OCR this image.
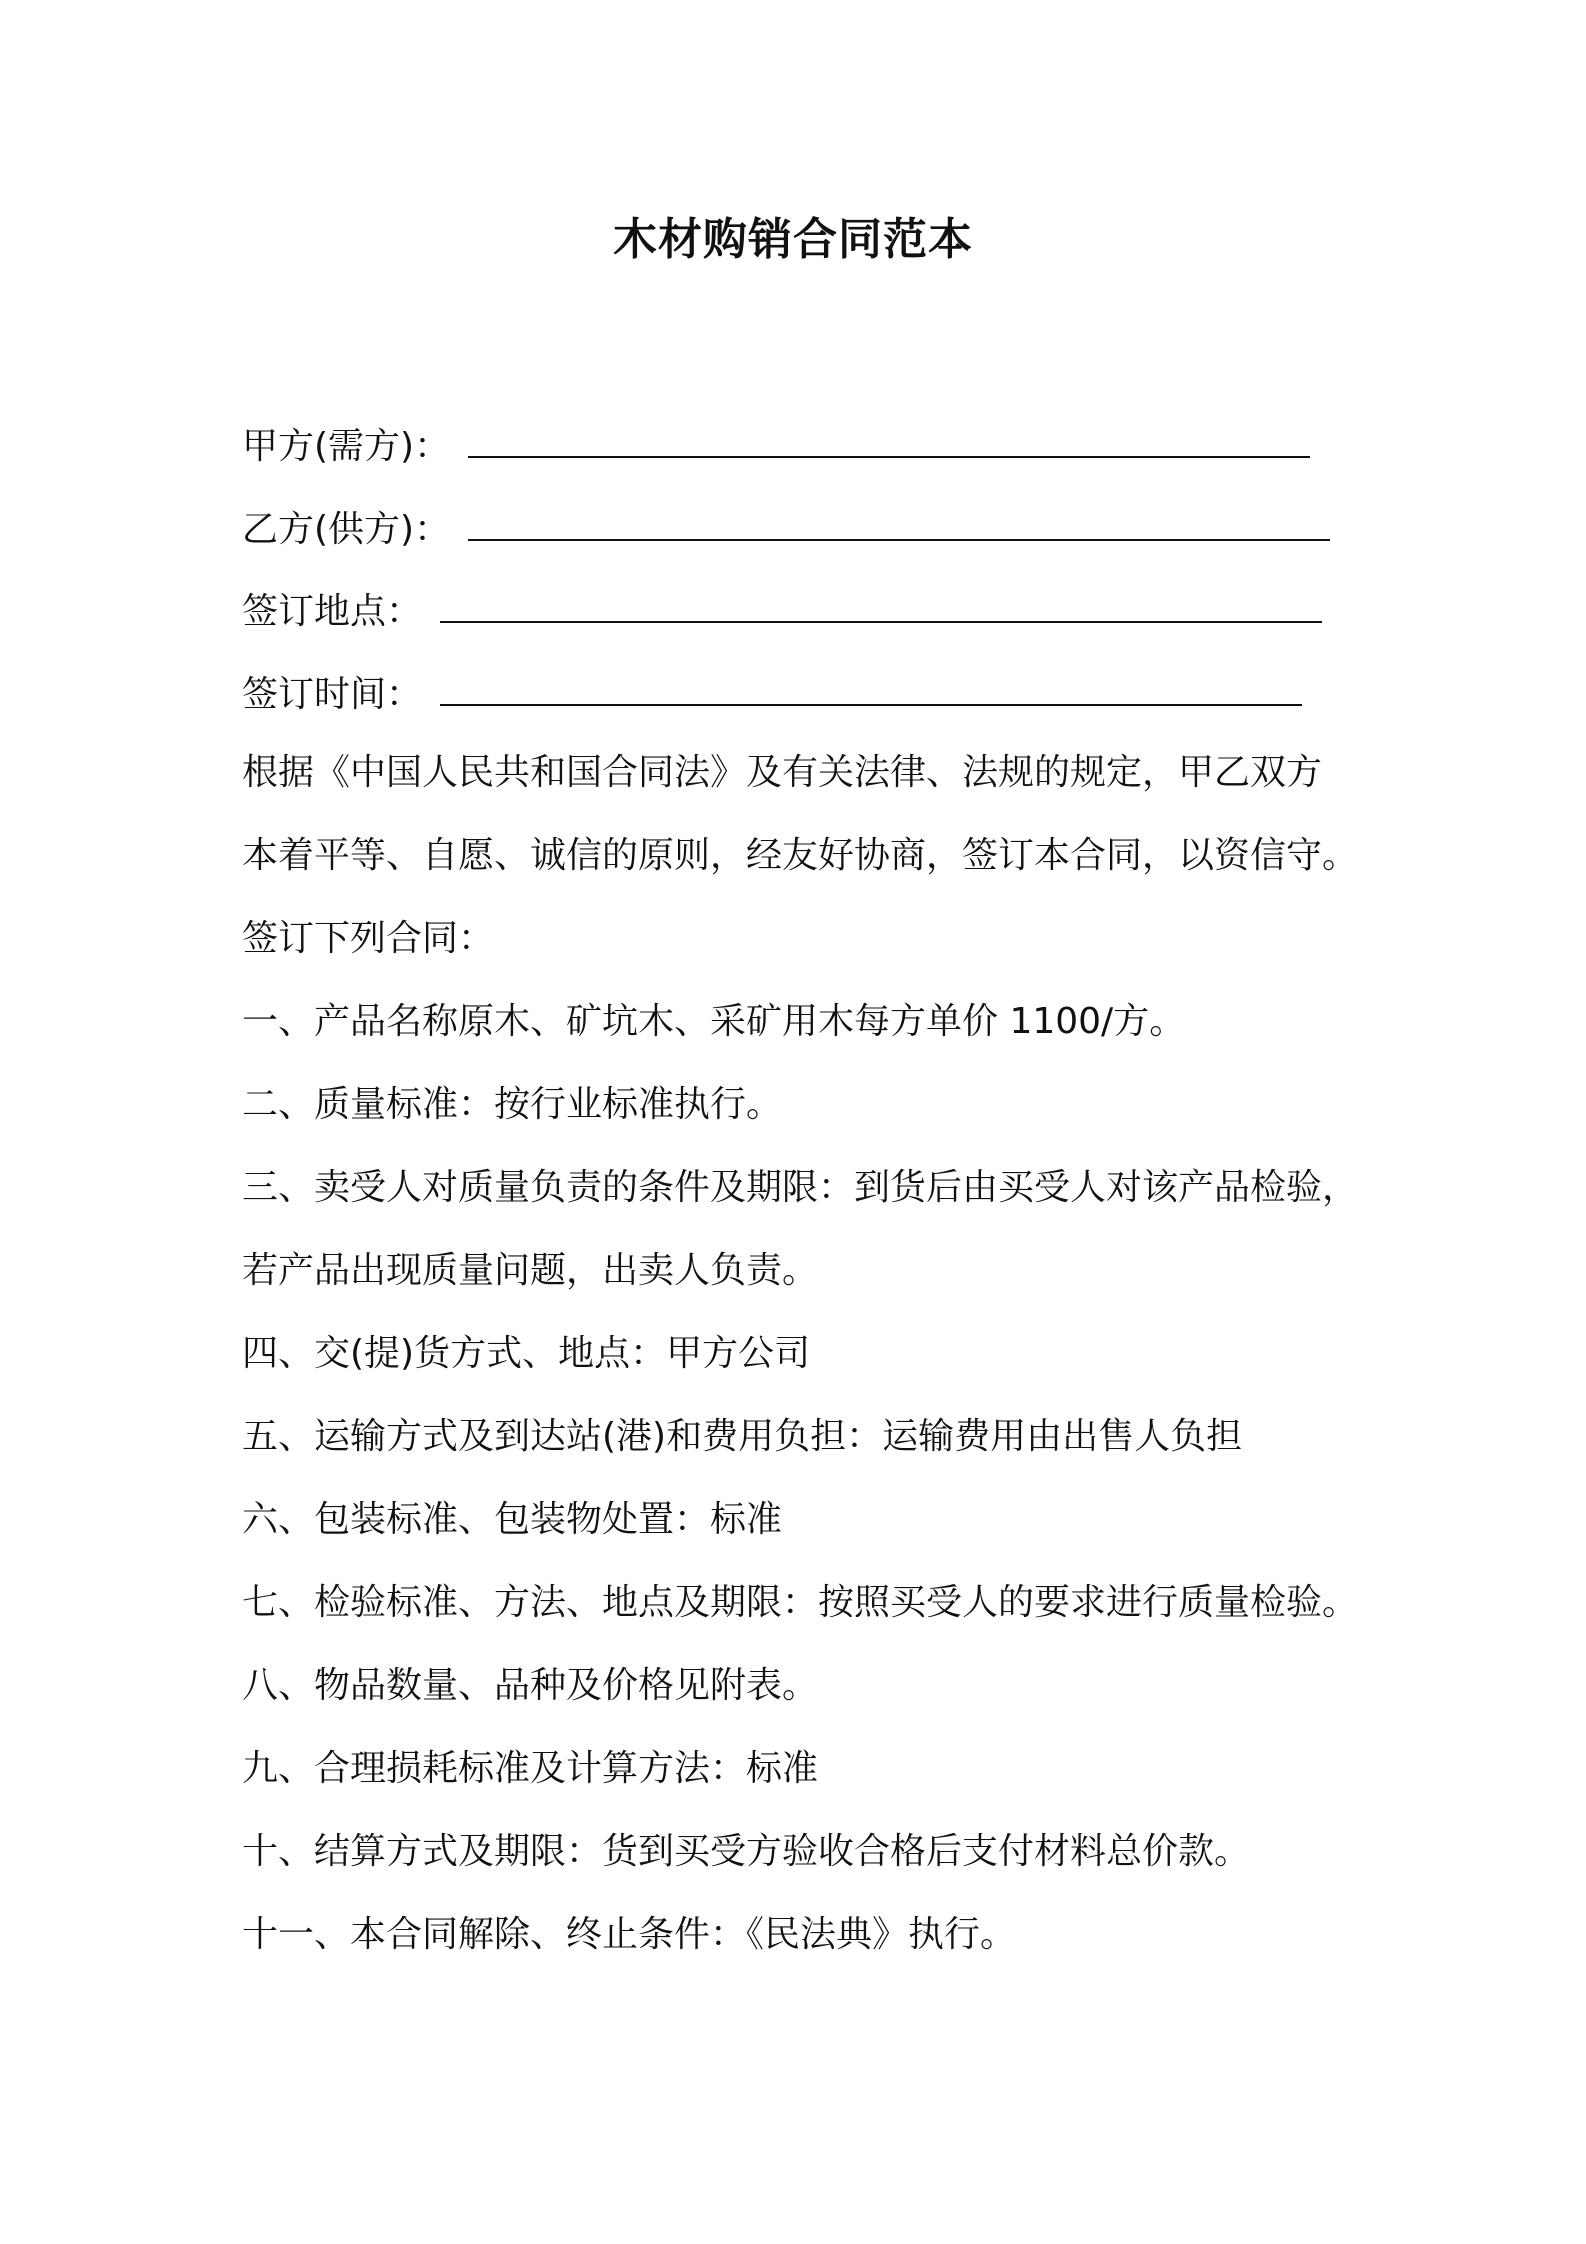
木材购销合同范本
甲方(需方)：
乙方(供方)：
签订地点：
签订时间：
根据《中国人民共和国合同法》及有关法律、法规的规定，甲乙双方
本着平等、自愿、诚信的原则，经友好协商，签订本合同，以资信守。
签订下列合同：
一、产品名称原木、矿坑木、采矿用木每方单价 1100/方。
二、质量标准：按行业标准执行。
三、卖受人对质量负责的条件及期限：到货后由买受人对该产品检验，
若产品出现质量问题，出卖人负责。
四、交(提)货方式、地点：甲方公司
五、运输方式及到达站(港)和费用负担：运输费用由出售人负担
六、包装标准、包装物处置：标准
七、检验标准、方法、地点及期限：按照买受人的要求进行质量检验。
八、物品数量、品种及价格见附表。
九、合理损耗标准及计算方法：标准
十、结算方式及期限：货到买受方验收合格后支付材料总价款。
十一、本合同解除、终止条件：《民法典》执行。
